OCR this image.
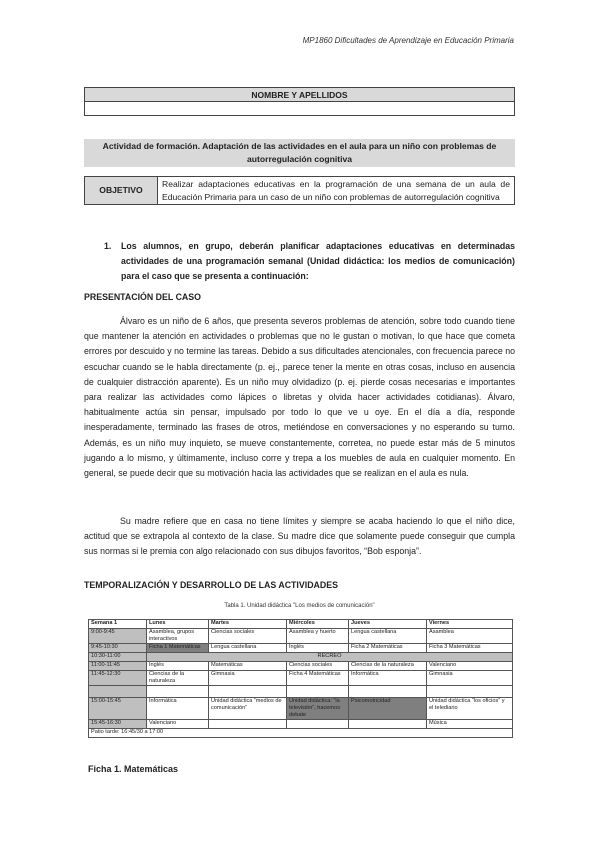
MP1860 Dificultades de Aprendizaje en Educación Primaria
NOMBRE Y APELLIDOS

Actividad de formación. Adaptación de las actividades en el aula para un niño con problemas de autorregulación cognitiva
OBJETIVO	Realizar adaptaciones educativas en la programación de una semana de un aula de Educación Primaria para un caso de un niño con problemas de autorregulación cognitiva
1.	Los alumnos, en grupo, deberán planificar adaptaciones educativas en determinadas actividades de una programación semanal (Unidad didáctica: los medios de comunicación) para el caso que se presenta a continuación:
PRESENTACIÓN DEL CASO
Álvaro es un niño de 6 años, que presenta severos problemas de atención, sobre todo cuando tiene que mantener la atención en actividades o problemas que no le gustan o motivan, lo que hace que cometa errores por descuido y no termine las tareas. Debido a sus dificultades atencionales, con frecuencia parece no escuchar cuando se le habla directamente (p. ej., parece tener la mente en otras cosas, incluso en ausencia de cualquier distracción aparente). Es un niño muy olvidadizo (p. ej. pierde cosas necesarias e importantes para realizar las actividades como lápices o libretas y olvida hacer actividades cotidianas). Álvaro, habitualmente actúa sin pensar, impulsado por todo lo que ve u oye. En el día a día, responde inesperadamente, terminado las frases de otros, metiéndose en conversaciones y no esperando su turno. Además, es un niño muy inquieto, se mueve constantemente, corretea, no puede estar más de 5 minutos jugando a lo mismo, y últimamente, incluso corre y trepa a los muebles de aula en cualquier momento. En general, se puede decir que su motivación hacia las actividades que se realizan en el aula es nula.
Su madre refiere que en casa no tiene límites y siempre se acaba haciendo lo que el niño dice, actitud que se extrapola al contexto de la clase. Su madre dice que solamente puede conseguir que cumpla sus normas si le premia con algo relacionado con sus dibujos favoritos, “Bob esponja”.
TEMPORALIZACIÓN Y DESARROLLO DE LAS ACTIVIDADES
Tabla 1. Unidad didáctica "Los medios de comunicación"
Semana 1	Lunes	Martes	Miércoles	Jueves	Viernes
9:00-9:45	Asamblea, grupos interactivos	Ciencias sociales	Asamblea y huerto	Lengua castellana	Asamblea
9:45-10:30	Ficha 1 Matemáticas	Lengua castellana	Inglés	Ficha 2 Matemáticas	Ficha 3 Matemáticas
10:30-11:00	RECREO				
11:00-11:45	Inglés	Matemáticas	Ciencias sociales	Ciencias de la naturaleza	Valenciano
11:45-12:30	Ciencias de la naturaleza	Gimnasia	Ficha 4 Matemáticas	Informática	Gimnasia

15:00-15:45	Informática	Unidad didáctica “medios de comunicación”	Unidad didáctica: “la televisión”, hacemos debate	Psicomotricidad	Unidad didáctica “los oficios” y el telediario
15:45-16:30	Valenciano				Música
Patio tarde: 16:45/30 a 17:00					
Ficha 1. Matemáticas
